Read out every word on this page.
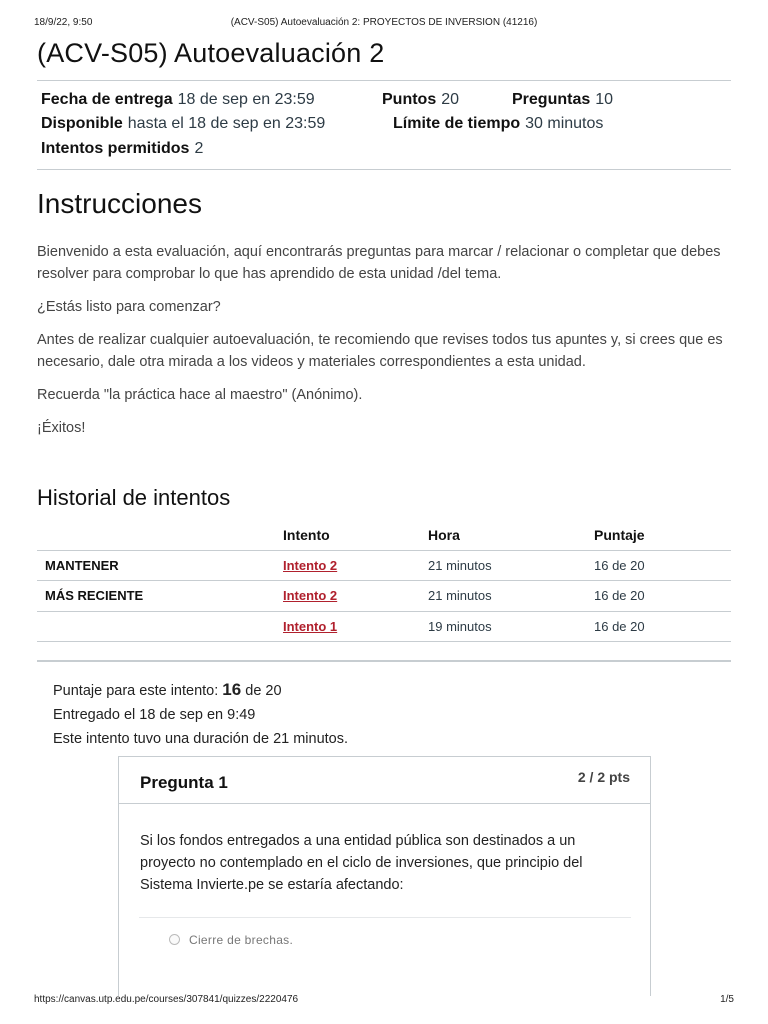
18/9/22, 9:50	(ACV-S05) Autoevaluación 2: PROYECTOS DE INVERSION (41216)
(ACV-S05) Autoevaluación 2
Fecha de entrega 18 de sep en 23:59	Puntos 20	Preguntas 10
Disponible hasta el 18 de sep en 23:59	Límite de tiempo 30 minutos
Intentos permitidos 2
Instrucciones

Bienvenido a esta evaluación, aquí encontrarás preguntas para marcar / relacionar o completar que debes resolver para comprobar lo que has aprendido de esta unidad /del tema.

¿Estás listo para comenzar?

Antes de realizar cualquier autoevaluación, te recomiendo que revises todos tus apuntes y, si crees que es necesario, dale otra mirada a los videos y materiales correspondientes a esta unidad.

Recuerda "la práctica hace al maestro" (Anónimo).

¡Éxitos!

Historial de intentos
	Intento	Hora	Puntaje
MANTENER	Intento 2	21 minutos	16 de 20
MÁS RECIENTE	Intento 2	21 minutos	16 de 20
	Intento 1	19 minutos	16 de 20
Puntaje para este intento: 16 de 20
Entregado el 18 de sep en 9:49
Este intento tuvo una duración de 21 minutos.
Pregunta 1	2 / 2 pts
Si los fondos entregados a una entidad pública son destinados a un proyecto no contemplado en el ciclo de inversiones, que principio del Sistema Invierte.pe se estaría afectando:
Cierre de brechas.
https://canvas.utp.edu.pe/courses/307841/quizzes/2220476	1/5
